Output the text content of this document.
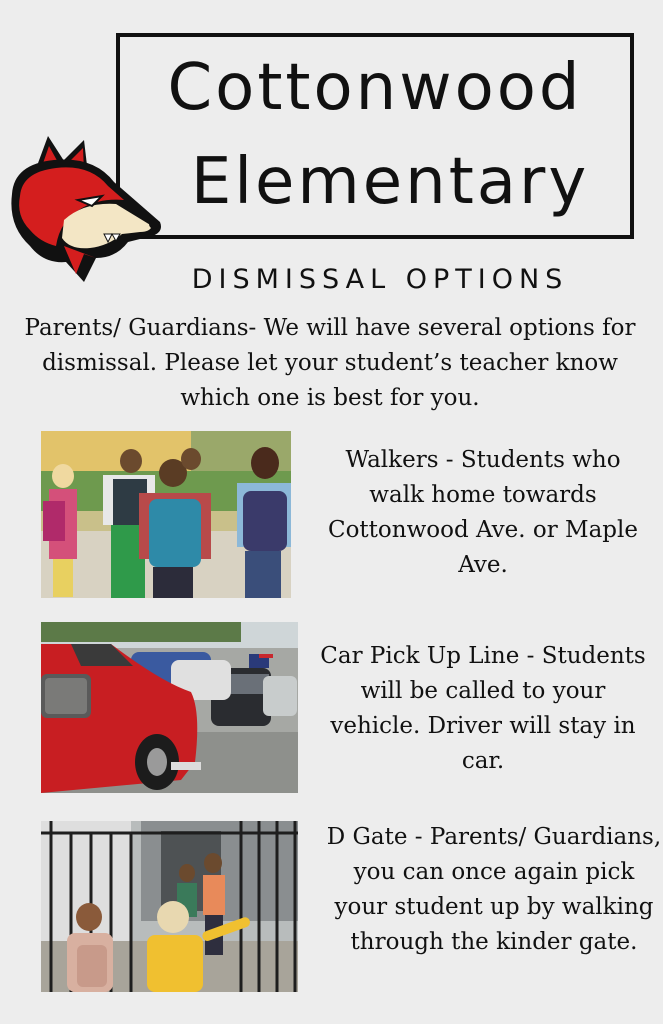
Cottonwood
Elementary
DISMISSAL OPTIONS

Parents/ Guardians- We will have several options for dismissal. Please let your student’s teacher know which one is best for you.

Walkers - Students who walk home towards Cottonwood Ave. or Maple Ave.

Car Pick Up Line - Students will be called to your vehicle. Driver will stay in car.

D Gate - Parents/ Guardians, you can once again pick your student up by walking through the kinder gate.
